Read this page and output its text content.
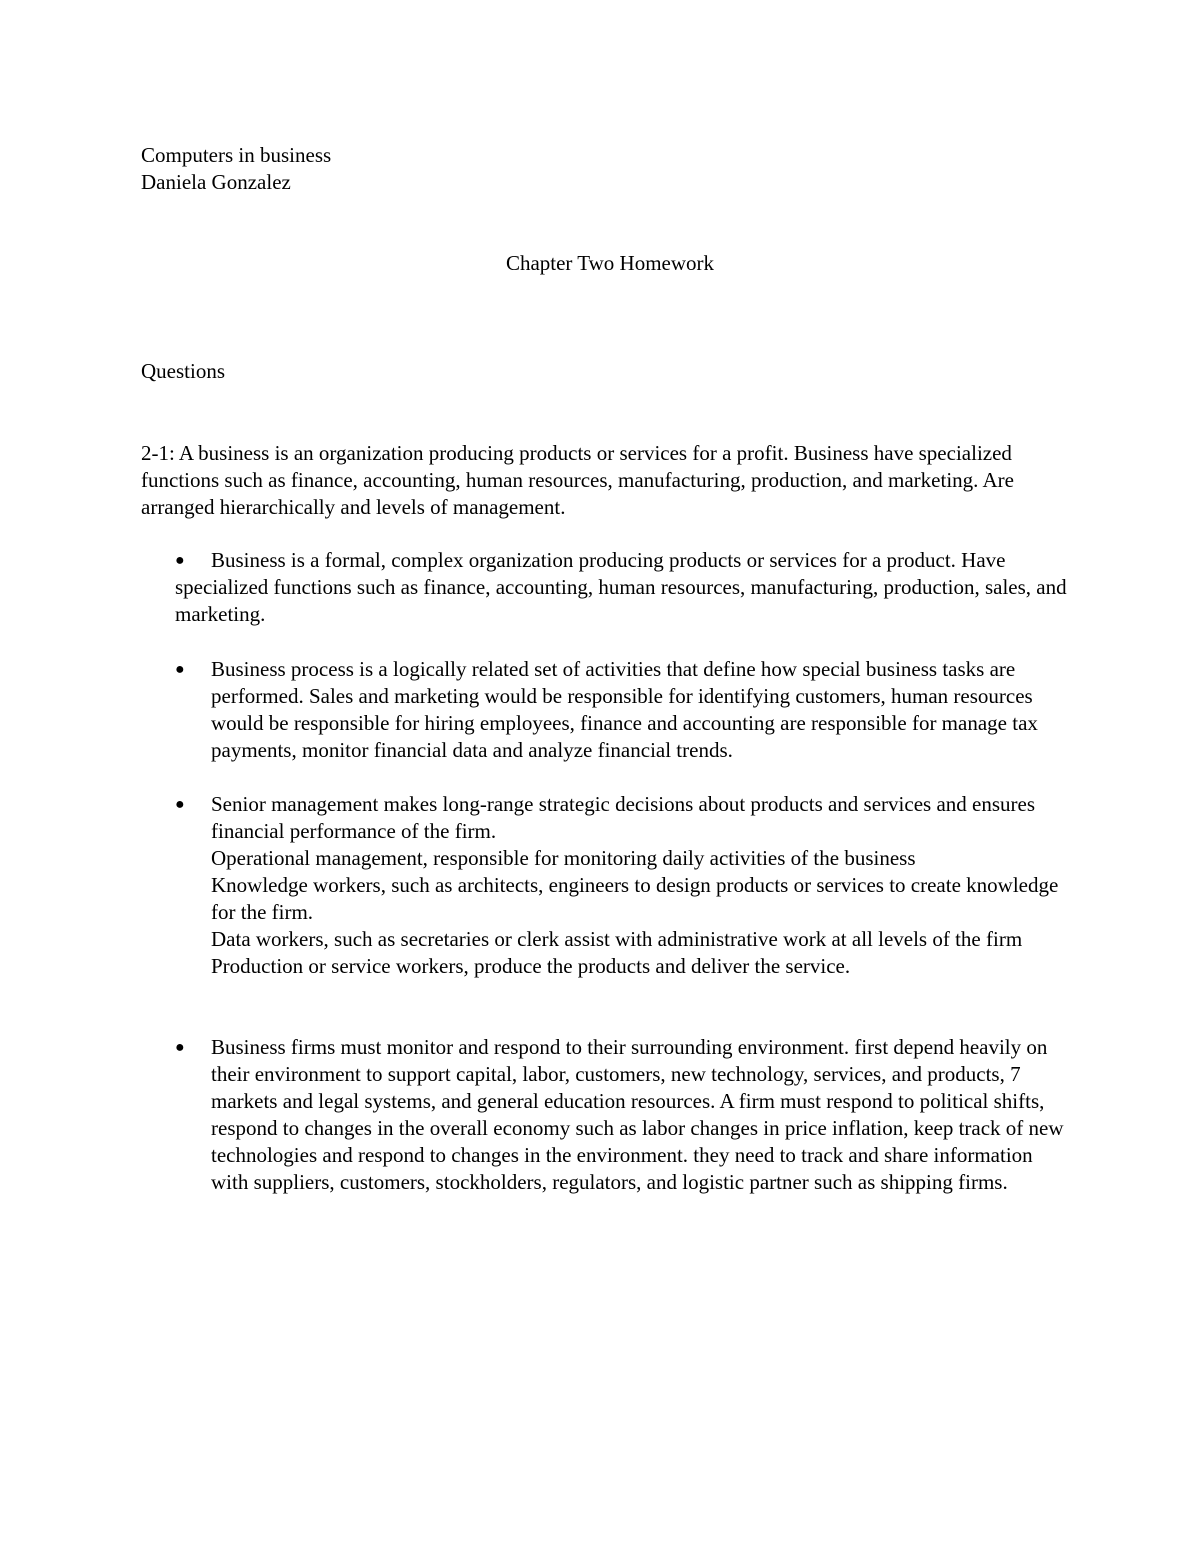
Computers in business
Daniela Gonzalez
Chapter Two Homework
Questions

2-1: A business is an organization producing products or services for a profit. Business have specialized functions such as finance, accounting, human resources, manufacturing, production, and marketing. Are arranged hierarchically and levels of management.

●	Business is a formal, complex organization producing products or services for a product. Have specialized functions such as finance, accounting, human resources, manufacturing, production, sales, and marketing.
● Business process is a logically related set of activities that define how special business tasks are performed. Sales and marketing would be responsible for identifying customers, human resources would be responsible for hiring employees, finance and accounting are responsible for manage tax payments, monitor financial data and analyze financial trends.
● Senior management makes long-range strategic decisions about products and services and ensures financial performance of the firm.
Operational management, responsible for monitoring daily activities of the business
Knowledge workers, such as architects, engineers to design products or services to create knowledge for the firm.
Data workers, such as secretaries or clerk assist with administrative work at all levels of the firm
Production or service workers, produce the products and deliver the service.
● Business firms must monitor and respond to their surrounding environment. first depend heavily on their environment to support capital, labor, customers, new technology, services, and products, 7 markets and legal systems, and general education resources. A firm must respond to political shifts, respond to changes in the overall economy such as labor changes in price inflation, keep track of new technologies and respond to changes in the environment. they need to track and share information with suppliers, customers, stockholders, regulators, and logistic partner such as shipping firms.
